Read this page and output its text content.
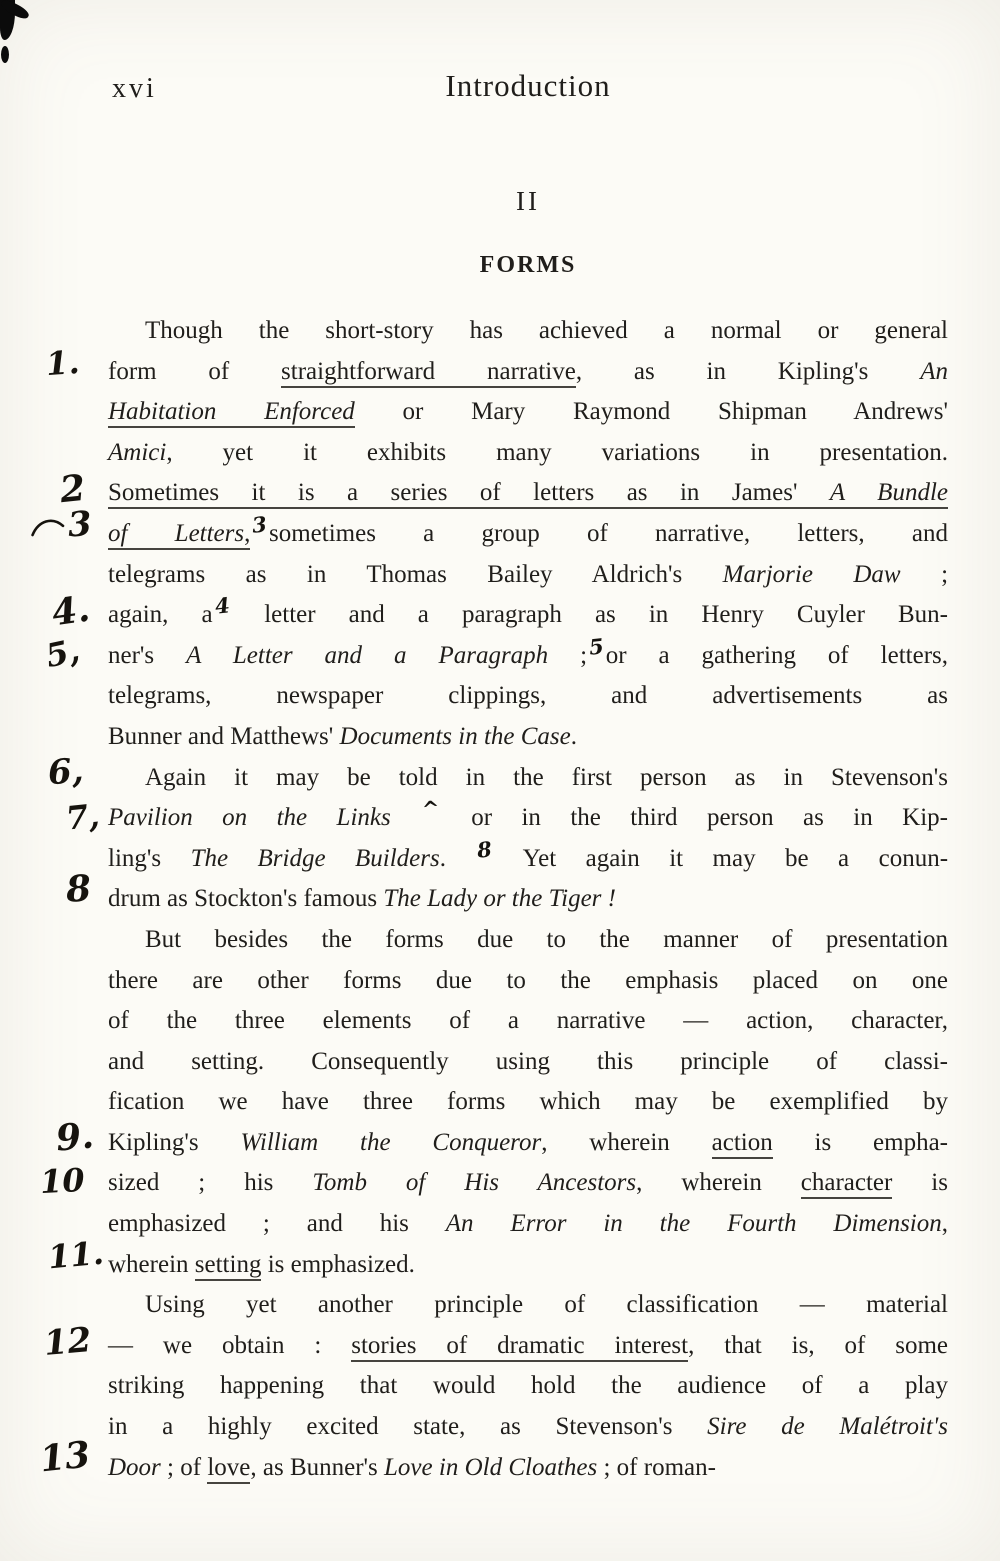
xvi	Introduction
II
FORMS
1.
2
3
4.
5,
6,
7,
8
9.
10
11.
12
13
Though the short-story has achieved a normal or general
form of straightforward narrative, as in Kipling's An
Habitation Enforced or Mary Raymond Shipman Andrews'
Amici, yet it exhibits many variations in presentation.
Sometimes it is a series of letters as in James' A Bundle
of Letters,3sometimes a group of narrative, letters, and
telegrams as in Thomas Bailey Aldrich's Marjorie Daw ;
again, a4 letter and a paragraph as in Henry Cuyler Bun-
ner's A Letter and a Paragraph ;5or a gathering of letters,
telegrams, newspaper clippings, and advertisements as
Bunner and Matthews' Documents in the Case.
Again it may be told in the first person as in Stevenson's
Pavilion on the Links ^ or in the third person as in Kip-
ling's The Bridge Builders. 8 Yet again it may be a conun-
drum as Stockton's famous The Lady or the Tiger !
But besides the forms due to the manner of presentation
there are other forms due to the emphasis placed on one
of the three elements of a narrative — action, character,
and setting. Consequently using this principle of classi-
fication we have three forms which may be exemplified by
Kipling's William the Conqueror, wherein action is empha-
sized ; his Tomb of His Ancestors, wherein character is
emphasized ; and his An Error in the Fourth Dimension,
wherein setting is emphasized.
Using yet another principle of classification — material
— we obtain : stories of dramatic interest, that is, of some
striking happening that would hold the audience of a play
in a highly excited state, as Stevenson's Sire de Malétroit's
Door ; of love, as Bunner's Love in Old Cloathes ; of roman-
